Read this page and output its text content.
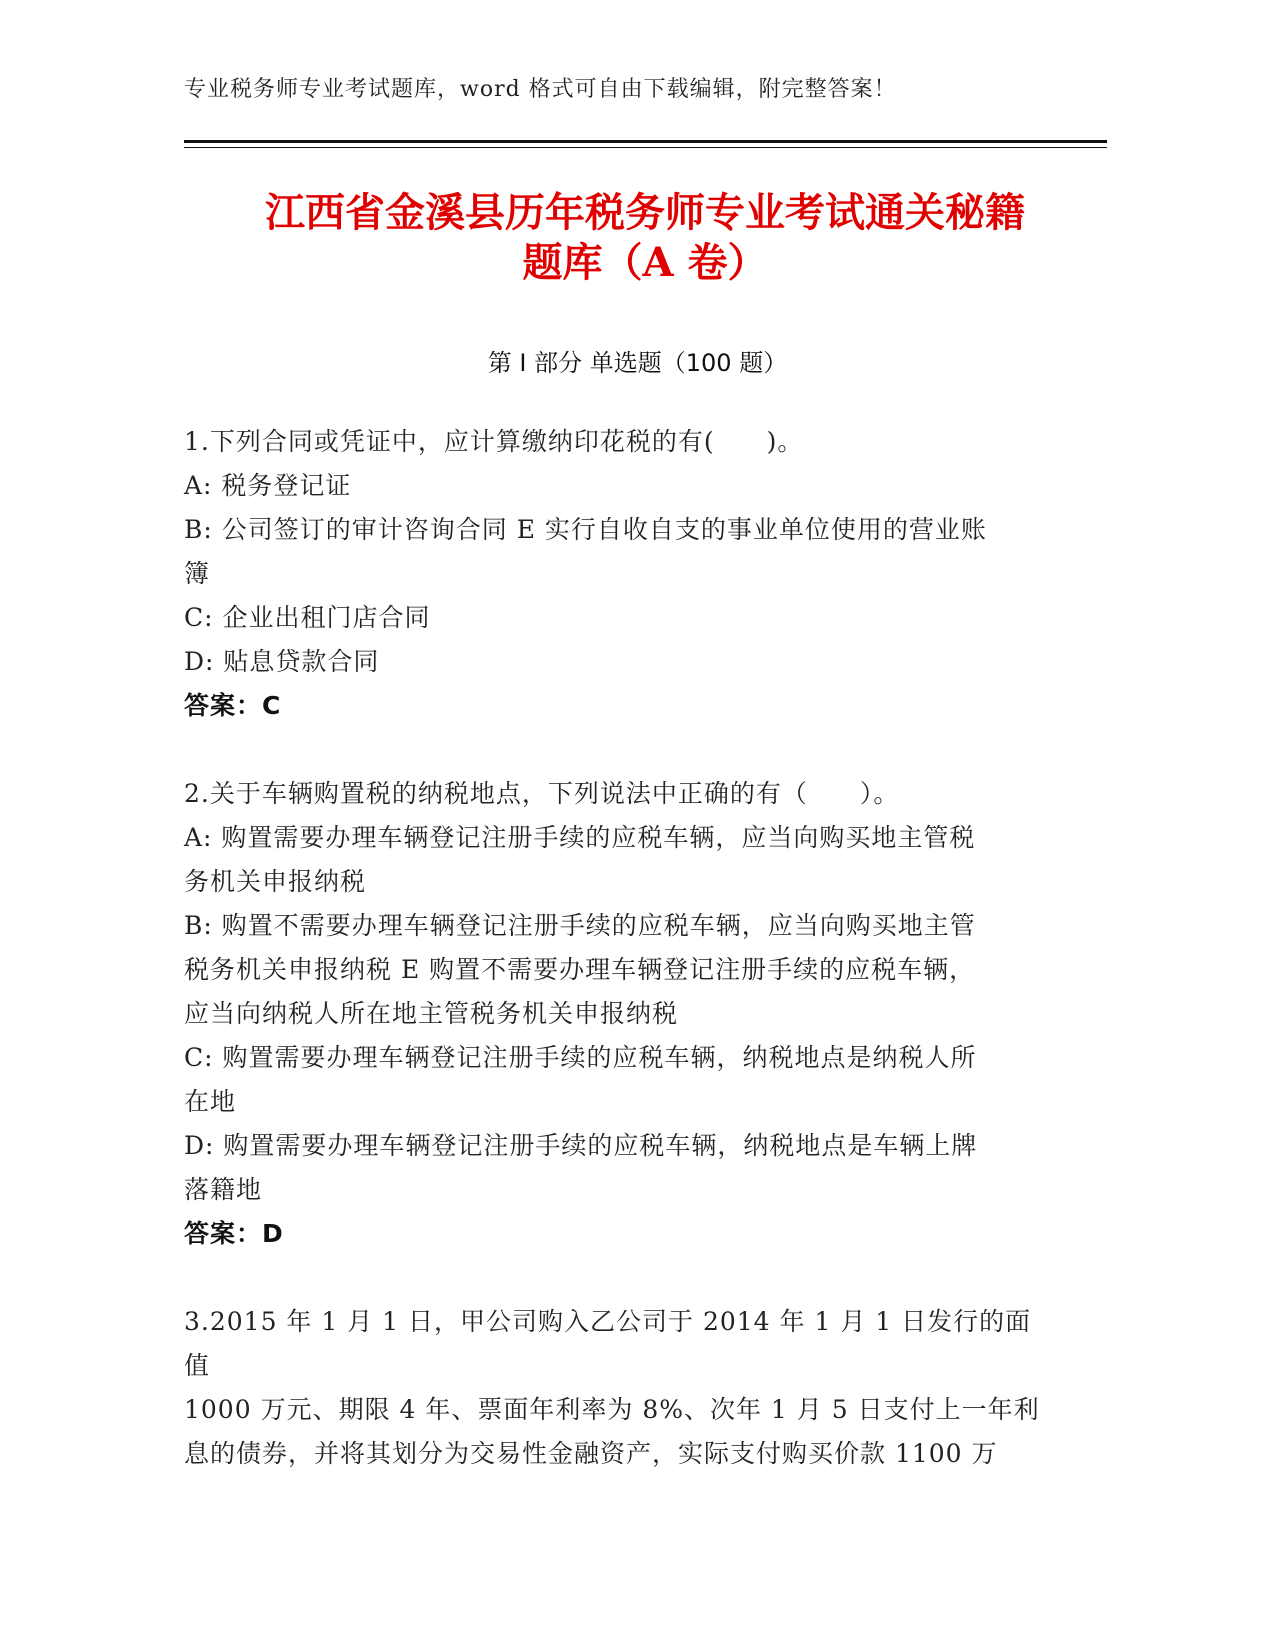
专业税务师专业考试题库，word 格式可自由下载编辑，附完整答案！
江西省金溪县历年税务师专业考试通关秘籍
题库（A 卷）
第 I 部分 单选题（100 题）

1.下列合同或凭证中，应计算缴纳印花税的有(　　)。

A: 税务登记证

B: 公司签订的审计咨询合同 E 实行自收自支的事业单位使用的营业账

簿

C: 企业出租门店合同

D: 贴息贷款合同

答案：C

2.关于车辆购置税的纳税地点，下列说法中正确的有（　　）。

A: 购置需要办理车辆登记注册手续的应税车辆，应当向购买地主管税

务机关申报纳税

B: 购置不需要办理车辆登记注册手续的应税车辆，应当向购买地主管

税务机关申报纳税 E 购置不需要办理车辆登记注册手续的应税车辆，

应当向纳税人所在地主管税务机关申报纳税

C: 购置需要办理车辆登记注册手续的应税车辆，纳税地点是纳税人所

在地

D: 购置需要办理车辆登记注册手续的应税车辆，纳税地点是车辆上牌

落籍地

答案：D

3.2015 年 1 月 1 日，甲公司购入乙公司于 2014 年 1 月 1 日发行的面值

1000 万元、期限 4 年、票面年利率为 8%、次年 1 月 5 日支付上一年利

息的债券，并将其划分为交易性金融资产，实际支付购买价款 1100 万
